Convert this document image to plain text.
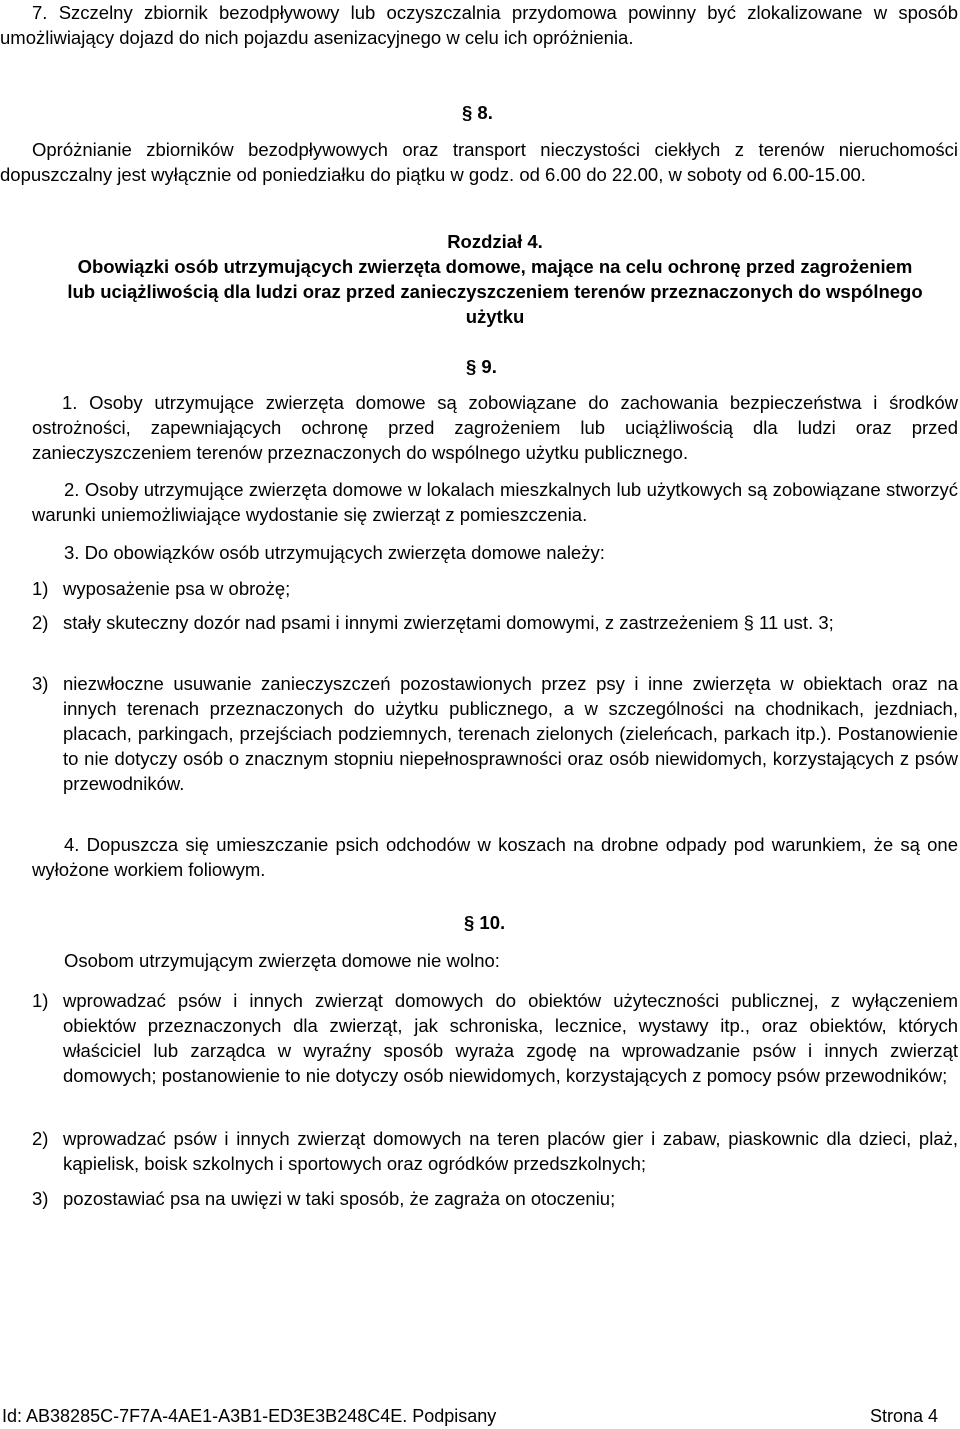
7. Szczelny zbiornik bezodpływowy lub oczyszczalnia przydomowa powinny być zlokalizowane w sposób umożliwiający dojazd do nich pojazdu asenizacyjnego w celu ich opróżnienia.

§ 8.

Opróżnianie zbiorników bezodpływowych oraz transport nieczystości ciekłych z terenów nieruchomości dopuszczalny jest wyłącznie od poniedziałku do piątku w godz. od 6.00 do 22.00, w soboty od 6.00-15.00.

Rozdział 4.
Obowiązki osób utrzymujących zwierzęta domowe, mające na celu ochronę przed zagrożeniem lub uciążliwością dla ludzi oraz przed zanieczyszczeniem terenów przeznaczonych do wspólnego użytku
§ 9.

1. Osoby utrzymujące zwierzęta domowe są zobowiązane do zachowania bezpieczeństwa i środków ostrożności, zapewniających ochronę przed zagrożeniem lub uciążliwością dla ludzi oraz przed zanieczyszczeniem terenów przeznaczonych do wspólnego użytku publicznego.

2. Osoby utrzymujące zwierzęta domowe w lokalach mieszkalnych lub użytkowych są zobowiązane stworzyć warunki uniemożliwiające wydostanie się zwierząt z pomieszczenia.

3. Do obowiązków osób utrzymujących zwierzęta domowe należy:

1) wyposażenie psa w obrożę;

2) stały skuteczny dozór nad psami i innymi zwierzętami domowymi, z zastrzeżeniem § 11 ust. 3;

3) niezwłoczne usuwanie zanieczyszczeń pozostawionych przez psy i inne zwierzęta w obiektach oraz na innych terenach przeznaczonych do użytku publicznego, a w szczególności na chodnikach, jezdniach, placach, parkingach, przejściach podziemnych, terenach zielonych (zieleńcach, parkach itp.). Postanowienie to nie dotyczy osób o znacznym stopniu niepełnosprawności oraz osób niewidomych, korzystających z psów przewodników.

4. Dopuszcza się umieszczanie psich odchodów w koszach na drobne odpady pod warunkiem, że są one wyłożone workiem foliowym.

§ 10.

Osobom utrzymującym zwierzęta domowe nie wolno:

1) wprowadzać psów i innych zwierząt domowych do obiektów użyteczności publicznej, z wyłączeniem obiektów przeznaczonych dla zwierząt, jak schroniska, lecznice, wystawy itp., oraz obiektów, których właściciel lub zarządca w wyraźny sposób wyraża zgodę na wprowadzanie psów i innych zwierząt domowych; postanowienie to nie dotyczy osób niewidomych, korzystających z pomocy psów przewodników;

2) wprowadzać psów i innych zwierząt domowych na teren placów gier i zabaw, piaskownic dla dzieci, plaż, kąpielisk, boisk szkolnych i sportowych oraz ogródków przedszkolnych;

3) pozostawiać psa na uwięzi w taki sposób, że zagraża on otoczeniu;

Id: AB38285C-7F7A-4AE1-A3B1-ED3E3B248C4E. Podpisany	Strona 4
